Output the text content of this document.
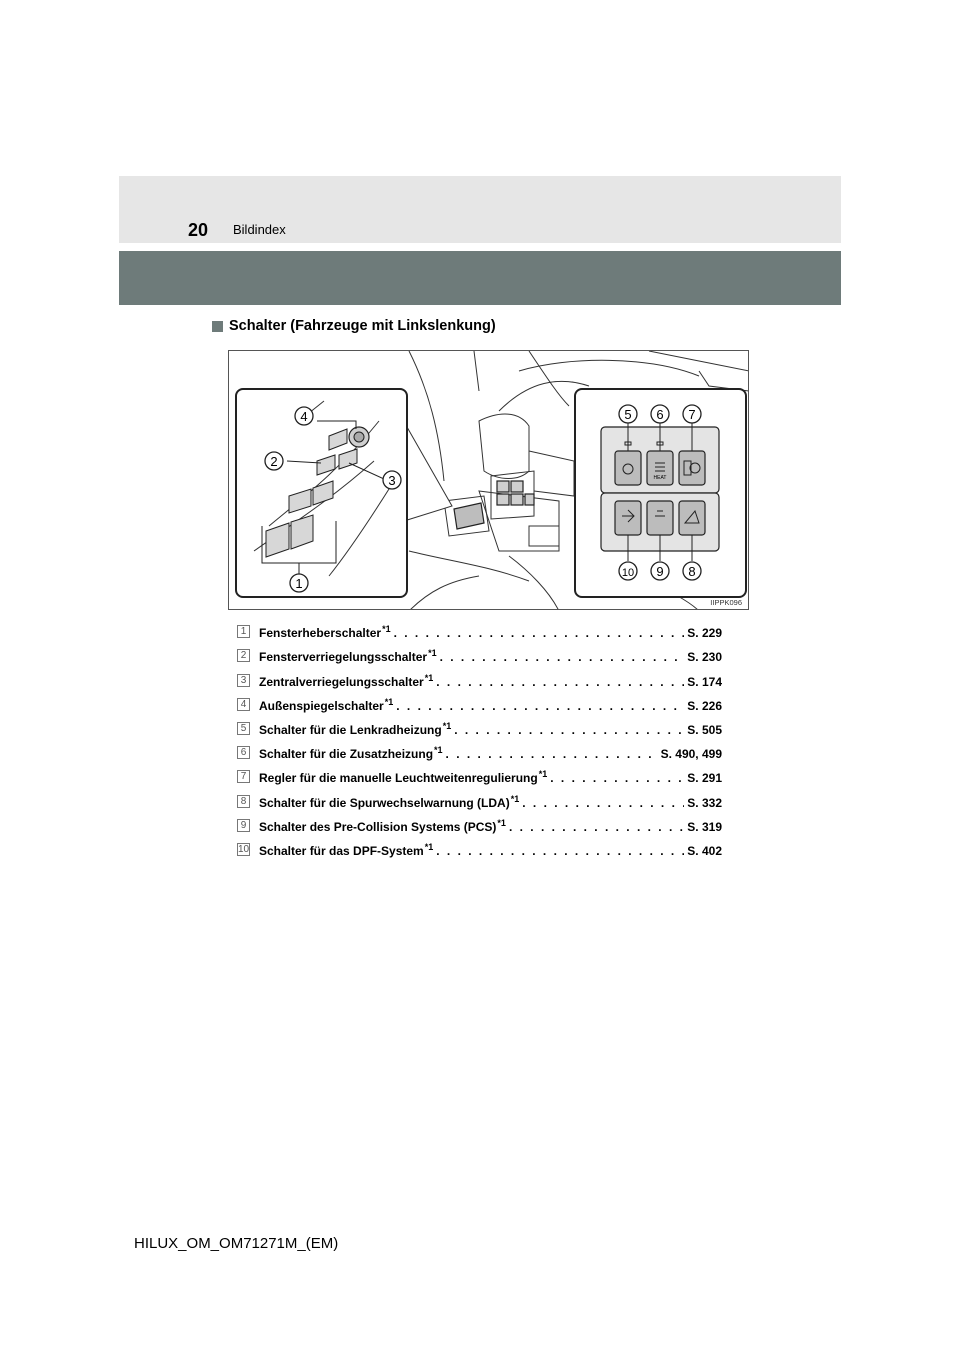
20 Bildindex
Schalter (Fahrzeuge mit Linkslenkung)
1
2
3
4
HEAT
5 6 7
8
9
10
IIPPK096
1	Fensterheberschalter$^{*1}$ . . .	S. 229
2	Fensterverriegelungsschalter$^{*1}$ . . .	S. 230
3	Zentralverriegelungsschalter$^{*1}$ . . .	S. 174
4	Außenspiegelschalter$^{*1}$ . . .	S. 226
5	Schalter für die Lenkradheizung$^{*1}$ . . .	S. 505
6	Schalter für die Zusatzheizung$^{*1}$ . . .	S. 490, 499
7	Regler für die manuelle Leuchtweitenregulierung$^{*1}$ . . .	S. 291
8	Schalter für die Spurwechselwarnung (LDA)$^{*1}$ . . .	S. 332
9	Schalter des Pre-Collision Systems (PCS)$^{*1}$ . . .	S. 319
10 Schalter für das DPF-System$^{*1}$ . . .	S. 402
HILUX_OM_OM71271M_(EM)
